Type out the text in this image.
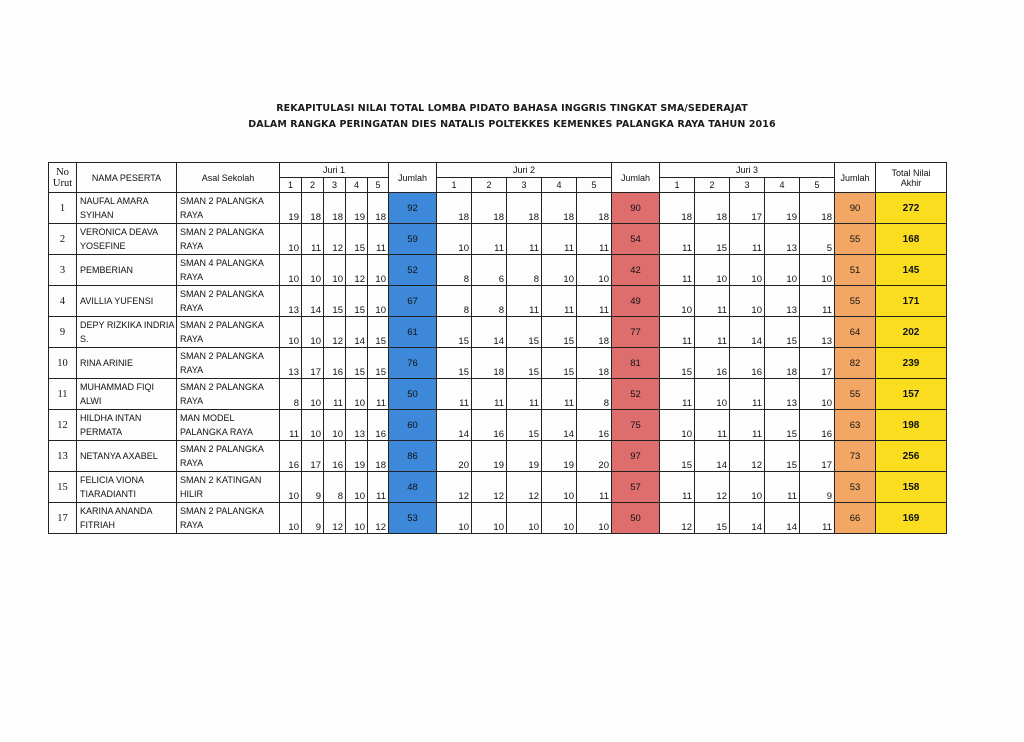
REKAPITULASI NILAI TOTAL LOMBA PIDATO BAHASA INGGRIS TINGKAT SMA/SEDERAJAT
DALAM RANGKA PERINGATAN DIES NATALIS POLTEKKES KEMENKES PALANGKA RAYA TAHUN 2016
No
Urut	NAMA PESERTA	Asal Sekolah	Juri 1					Jumlah	Juri 2					Jumlah	Juri 3					Jumlah	Total Nilai
Akhir
			1	2	3	4	5		1	2	3	4	5		1	2	3	4	5		
1	NAUFAL AMARA SYIHAN	SMAN 2 PALANGKA RAYA	19	18	18	19	18	92	18	18	18	18	18	90	18	18	17	19	18	90	272
2	VERONICA DEAVA YOSEFINE	SMAN 2 PALANGKA RAYA	10	11	12	15	11	59	10	11	11	11	11	54	11	15	11	13	5	55	168
3	PEMBERIAN	SMAN 4 PALANGKA RAYA	10	10	10	12	10	52	8	6	8	10	10	42	11	10	10	10	10	51	145
4	AVILLIA YUFENSI	SMAN 2 PALANGKA RAYA	13	14	15	15	10	67	8	8	11	11	11	49	10	11	10	13	11	55	171
9	DEPY RIZKIKA INDRIA S.	SMAN 2 PALANGKA RAYA	10	10	12	14	15	61	15	14	15	15	18	77	11	11	14	15	13	64	202
10	RINA ARINIE	SMAN 2 PALANGKA RAYA	13	17	16	15	15	76	15	18	15	15	18	81	15	16	16	18	17	82	239
11	MUHAMMAD FIQI ALWI	SMAN 2 PALANGKA RAYA	8	10	11	10	11	50	11	11	11	11	8	52	11	10	11	13	10	55	157
12	HILDHA INTAN PERMATA	MAN MODEL PALANGKA RAYA	11	10	10	13	16	60	14	16	15	14	16	75	10	11	11	15	16	63	198
13	NETANYA AXABEL	SMAN 2 PALANGKA RAYA	16	17	16	19	18	86	20	19	19	19	20	97	15	14	12	15	17	73	256
15	FELICIA VIONA TIARADIANTI	SMAN 2 KATINGAN HILIR	10	9	8	10	11	48	12	12	12	10	11	57	11	12	10	11	9	53	158
17	KARINA ANANDA FITRIAH	SMAN 2 PALANGKA RAYA	10	9	12	10	12	53	10	10	10	10	10	50	12	15	14	14	11	66	169
